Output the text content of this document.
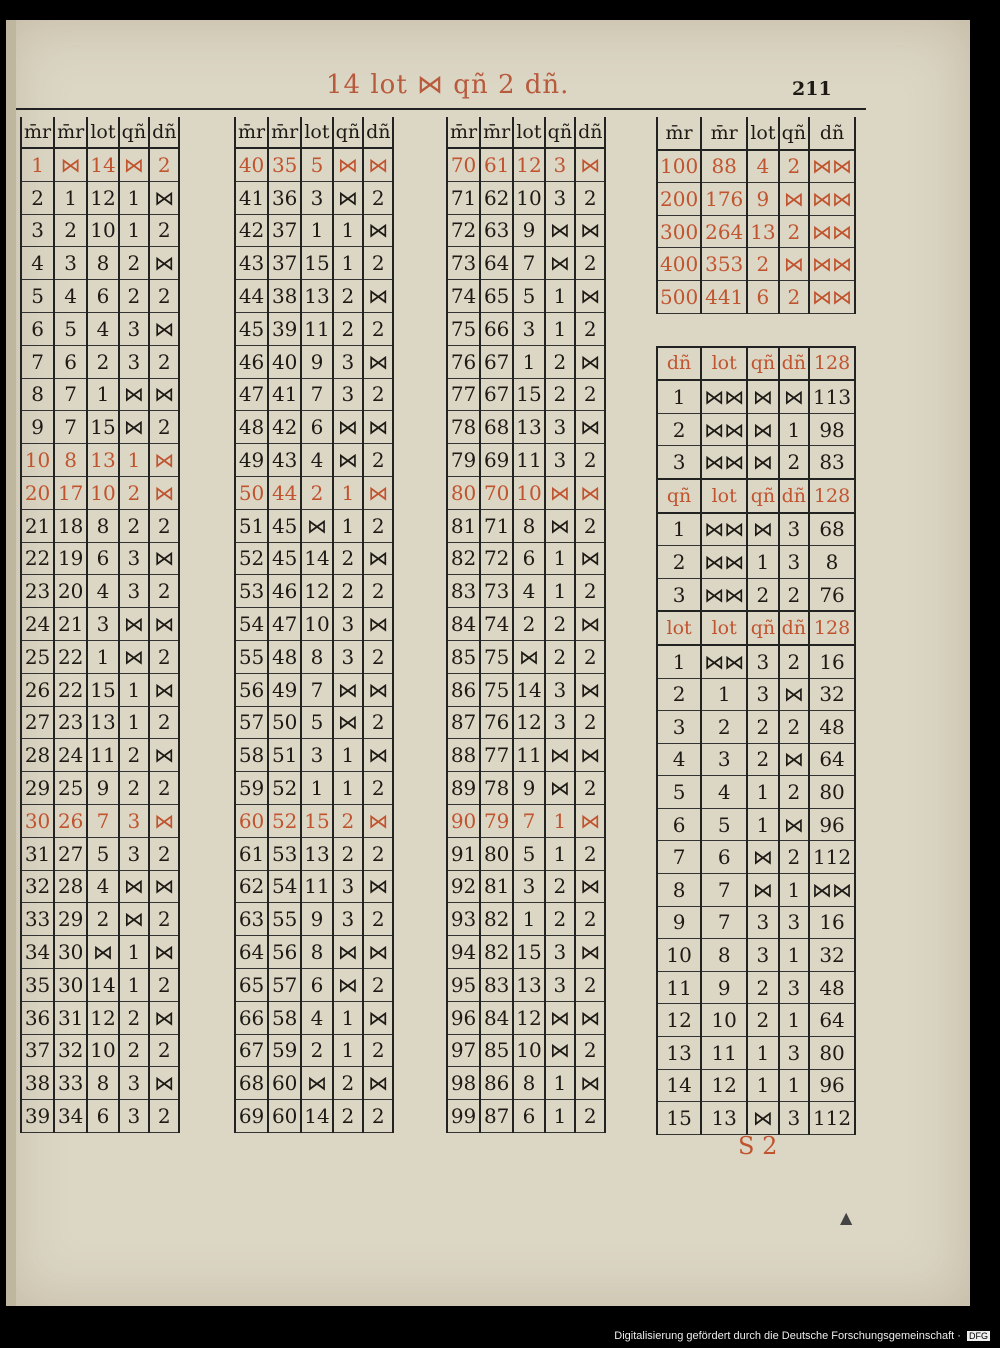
14 lot ⋈ qñ 2 dñ.	211
m̄r	m̄r	lot	qñ	dñ
1	⋈	14	⋈	2
2	1	12	1	⋈
3	2	10	1	2
4	3	8	2	⋈
5	4	6	2	2
6	5	4	3	⋈
7	6	2	3	2
8	7	1	⋈	⋈
9	7	15	⋈	2
10	8	13	1	⋈
20	17	10	2	⋈
21	18	8	2	2
22	19	6	3	⋈
23	20	4	3	2
24	21	3	⋈	⋈
25	22	1	⋈	2
26	22	15	1	⋈
27	23	13	1	2
28	24	11	2	⋈
29	25	9	2	2
30	26	7	3	⋈
31	27	5	3	2
32	28	4	⋈	⋈
33	29	2	⋈	2
34	30	⋈	1	⋈
35	30	14	1	2
36	31	12	2	⋈
37	32	10	2	2
38	33	8	3	⋈
39	34	6	3	2
m̄r	m̄r	lot	qñ	dñ
40	35	5	⋈	⋈
41	36	3	⋈	2
42	37	1	1	⋈
43	37	15	1	2
44	38	13	2	⋈
45	39	11	2	2
46	40	9	3	⋈
47	41	7	3	2
48	42	6	⋈	⋈
49	43	4	⋈	2
50	44	2	1	⋈
51	45	⋈	1	2
52	45	14	2	⋈
53	46	12	2	2
54	47	10	3	⋈
55	48	8	3	2
56	49	7	⋈	⋈
57	50	5	⋈	2
58	51	3	1	⋈
59	52	1	1	2
60	52	15	2	⋈
61	53	13	2	2
62	54	11	3	⋈
63	55	9	3	2
64	56	8	⋈	⋈
65	57	6	⋈	2
66	58	4	1	⋈
67	59	2	1	2
68	60	⋈	2	⋈
69	60	14	2	2
m̄r	m̄r	lot	qñ	dñ
70	61	12	3	⋈
71	62	10	3	2
72	63	9	⋈	⋈
73	64	7	⋈	2
74	65	5	1	⋈
75	66	3	1	2
76	67	1	2	⋈
77	67	15	2	2
78	68	13	3	⋈
79	69	11	3	2
80	70	10	⋈	⋈
81	71	8	⋈	2
82	72	6	1	⋈
83	73	4	1	2
84	74	2	2	⋈
85	75	⋈	2	2
86	75	14	3	⋈
87	76	12	3	2
88	77	11	⋈	⋈
89	78	9	⋈	2
90	79	7	1	⋈
91	80	5	1	2
92	81	3	2	⋈
93	82	1	2	2
94	82	15	3	⋈
95	83	13	3	2
96	84	12	⋈	⋈
97	85	10	⋈	2
98	86	8	1	⋈
99	87	6	1	2
m̄r	m̄r	lot	qñ	dñ
100	88	4	2	⋈⋈
200	176	9	⋈	⋈⋈
300	264	13	2	⋈⋈
400	353	2	⋈	⋈⋈
500	441	6	2	⋈⋈

dñ	lot	qñ	dñ	128
1	⋈⋈	⋈	⋈	113
2	⋈⋈	⋈	1	98
3	⋈⋈	⋈	2	83
qñ	lot	qñ	dñ	128
1	⋈⋈	⋈	3	68
2	⋈⋈	1	3	8
3	⋈⋈	2	2	76
lot	lot	qñ	dñ	128
1	⋈⋈	3	2	16
2	1	3	⋈	32
3	2	2	2	48
4	3	2	⋈	64
5	4	1	2	80
6	5	1	⋈	96
7	6	⋈	2	112
8	7	⋈	1	⋈⋈
9	7	3	3	16
10	8	3	1	32
11	9	2	3	48
12	10	2	1	64
13	11	1	3	80
14	12	1	1	96
15	13	⋈	3	112
S 2
▲
Digitalisierung gefördert durch die Deutsche Forschungsgemeinschaft · DFG
